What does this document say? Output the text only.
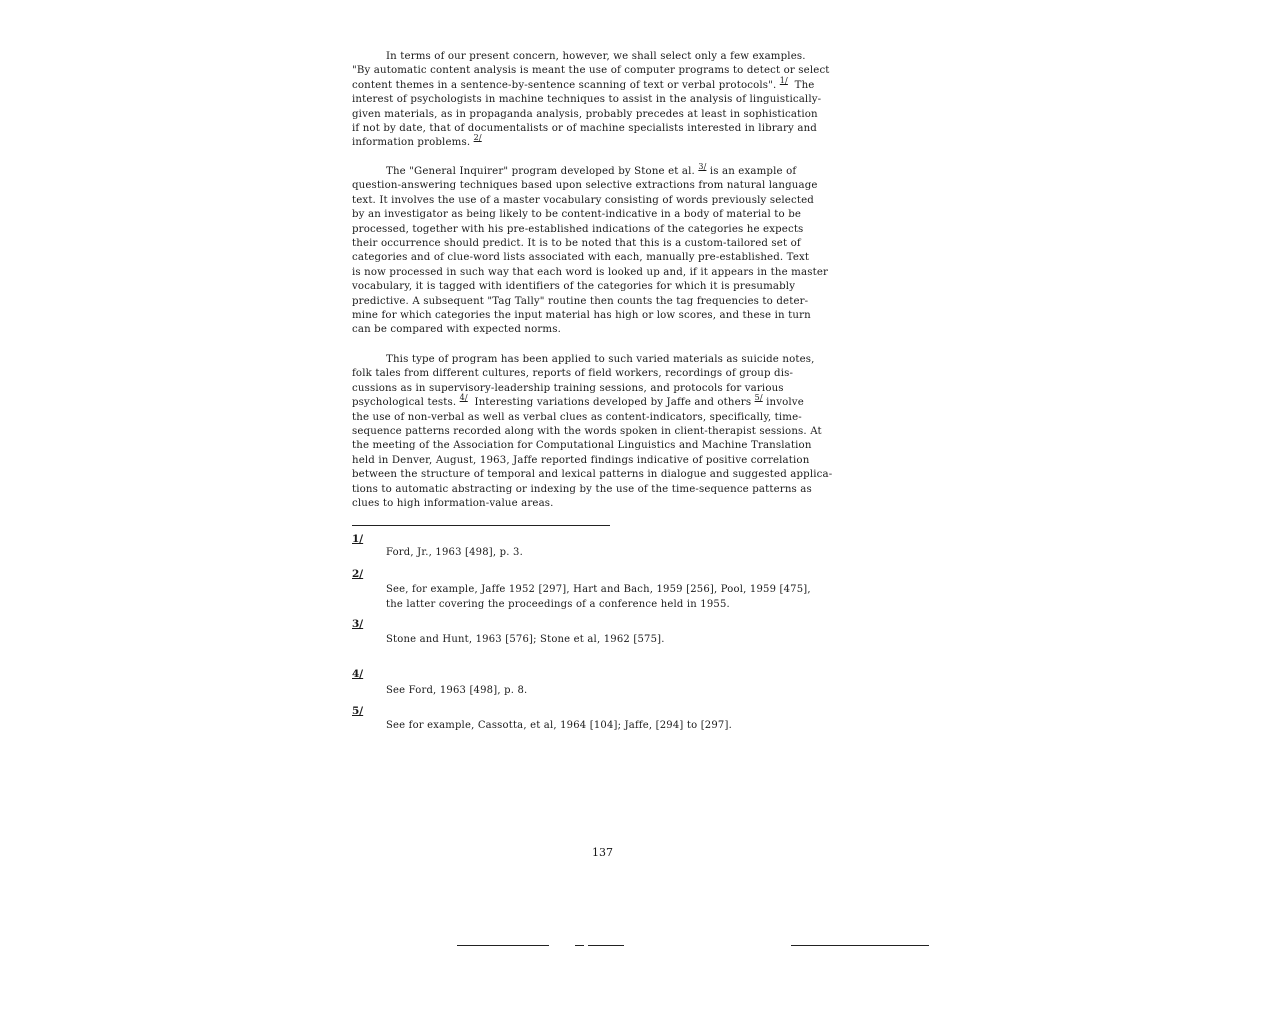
In terms of our present concern, however, we shall select only a few examples.
"By automatic content analysis is meant the use of computer programs to detect or select
content themes in a sentence-by-sentence scanning of text or verbal protocols". $^{1/}$ The
interest of psychologists in machine techniques to assist in the analysis of linguistically-
given materials, as in propaganda analysis, probably precedes at least in sophistication
if not by date, that of documentalists or of machine specialists interested in library and
information problems. $^{2/}$
The "General Inquirer" program developed by Stone et al. $^{3/}$ is an example of
question-answering techniques based upon selective extractions from natural language
text. It involves the use of a master vocabulary consisting of words previously selected
by an investigator as being likely to be content-indicative in a body of material to be
processed, together with his pre-established indications of the categories he expects
their occurrence should predict. It is to be noted that this is a custom-tailored set of
categories and of clue-word lists associated with each, manually pre-established. Text
is now processed in such way that each word is looked up and, if it appears in the master
vocabulary, it is tagged with identifiers of the categories for which it is presumably
predictive. A subsequent "Tag Tally" routine then counts the tag frequencies to deter-
mine for which categories the input material has high or low scores, and these in turn
can be compared with expected norms.
This type of program has been applied to such varied materials as suicide notes,
folk tales from different cultures, reports of field workers, recordings of group dis-
cussions as in supervisory-leadership training sessions, and protocols for various
psychological tests. $^{4/}$ Interesting variations developed by Jaffe and others $^{5/}$ involve
the use of non-verbal as well as verbal clues as content-indicators, specifically, time-
sequence patterns recorded along with the words spoken in client-therapist sessions. At
the meeting of the Association for Computational Linguistics and Machine Translation
held in Denver, August, 1963, Jaffe reported findings indicative of positive correlation
between the structure of temporal and lexical patterns in dialogue and suggested applica-
tions to automatic abstracting or indexing by the use of the time-sequence patterns as
clues to high information-value areas.
1/
Ford, Jr., 1963 [498], p. 3.
2/
See, for example, Jaffe 1952 [297], Hart and Bach, 1959 [256], Pool, 1959 [475],
the latter covering the proceedings of a conference held in 1955.
3/
Stone and Hunt, 1963 [576]; Stone et al, 1962 [575].
4/
See Ford, 1963 [498], p. 8.
5/
See for example, Cassotta, et al, 1964 [104]; Jaffe, [294] to [297].
137
